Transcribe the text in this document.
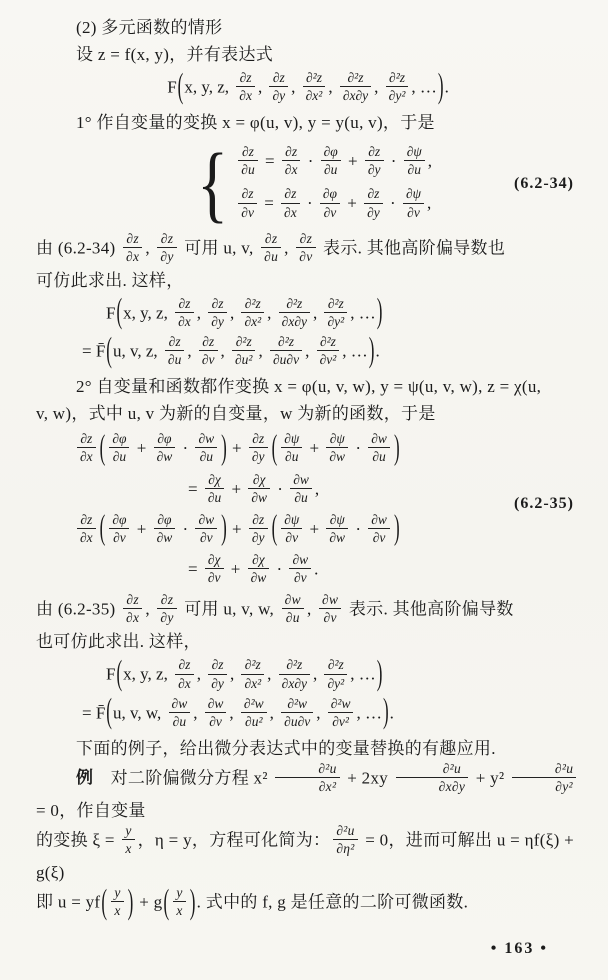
(2) 多元函数的情形

设 z = f(x, y)，并有表达式

F(x, y, z, $\frac{\partial z}{\partial x}$ , $\frac{\partial z}{\partial y}$ , $\frac{\text{∂²z}}{\text{∂x²}}$ , $\frac{\text{∂²z}}{\partial x\partial y}$ , $\frac{\text{∂²z}}{\text{∂y²}}$ , …).

1° 作自变量的变换 x = φ(u, v), y = y(u, v)，于是

{ $\frac{\partial z}{\partial u} = \frac{\partial z}{\partial x} \cdot \frac{\partial\varphi}{\partial u} + \frac{\partial z}{\partial y} \cdot \frac{\partial\psi}{\partial u}$ ,
$\frac{\partial z}{\partial v} = \frac{\partial z}{\partial x} \cdot \frac{\partial\varphi}{\partial v} + \frac{\partial z}{\partial y} \cdot \frac{\partial\psi}{\partial v}$ ,
(6.2-34)

由 $(6.2-34) \frac{\partial z}{\partial x}$ , $\frac{\partial z}{\partial y}$ 可用 u, v, $\frac{\partial z}{\partial u}$ , $\frac{\partial z}{\partial v}$ 表示. 其他高阶偏导数也

可仿此求出. 这样，

F(x, y, z, $\frac{\partial z}{\partial x}$ , $\frac{\partial z}{\partial y}$ , $\frac{\text{∂²z}}{\text{∂x²}}$ , $\frac{\text{∂²z}}{\partial x\partial y}$ , $\frac{\text{∂²z}}{\text{∂y²}}$ , …)
= F̄(u, v, z, $\frac{\partial z}{\partial u}$ , $\frac{\partial z}{\partial v}$ , $\frac{\text{∂²z}}{\text{∂u²}}$ , $\frac{\text{∂²z}}{\partial u\partial v}$ , $\frac{\text{∂²z}}{\text{∂v²}}$ , …).

2° 自变量和函数都作变换 x = φ(u, v, w), y = ψ(u, v, w), z = χ(u,

v, w)，式中 u, v 为新的自变量，w 为新的函数，于是

$\frac{\partial z}{\partial x}$ ( $\frac{\partial\varphi}{\partial u} + \frac{\partial\varphi}{\partial w} \cdot \frac{\partial w}{\partial u}$ ) + $\frac{\partial z}{\partial y}$ ( $\frac{\partial\psi}{\partial u} + \frac{\partial\psi}{\partial w} \cdot \frac{\partial w}{\partial u}$ )
= $\frac{\partial\chi}{\partial u} + \frac{\partial\chi}{\partial w} \cdot \frac{\partial w}{\partial u}$ ,
$\frac{\partial z}{\partial x}$ ( $\frac{\partial\varphi}{\partial v} + \frac{\partial\varphi}{\partial w} \cdot \frac{\partial w}{\partial v}$ ) + $\frac{\partial z}{\partial y}$ ( $\frac{\partial\psi}{\partial v} + \frac{\partial\psi}{\partial w} \cdot \frac{\partial w}{\partial v}$ )
= $\frac{\partial\chi}{\partial v} + \frac{\partial\chi}{\partial w} \cdot \frac{\partial w}{\partial v}$ .
(6.2-35)

由 $(6.2-35) \frac{\partial z}{\partial x}$ , $\frac{\partial z}{\partial y}$ 可用 u, v, w, $\frac{\partial w}{\partial u}$ , $\frac{\partial w}{\partial v}$ 表示. 其他高阶偏导数

也可仿此求出. 这样，

F(x, y, z, $\frac{\partial z}{\partial x}$ , $\frac{\partial z}{\partial y}$ , $\frac{\text{∂²z}}{\text{∂x²}}$ , $\frac{\text{∂²z}}{\partial x\partial y}$ , $\frac{\text{∂²z}}{\text{∂y²}}$ , …)
= F̄(u, v, w, $\frac{\partial w}{\partial u}$ , $\frac{\partial w}{\partial v}$ , $\frac{\text{∂²w}}{\text{∂u²}}$ , $\frac{\text{∂²w}}{\partial u\partial v}$ , $\frac{\text{∂²w}}{\text{∂v²}}$ , …).

下面的例子，给出微分表达式中的变量替换的有趣应用.

例　对二阶偏微分方程 $x^2 \frac{\text{∂²u}}{\text{∂x²}} + 2xy \frac{\text{∂²u}}{\partial x\partial y} + y^2 \frac{\text{∂²u}}{\text{∂y²}} = 0$，作自变量

的变换 $\xi = \frac{y}{x}$ ，η = y，方程可化简为： $\frac{\text{∂²u}}{\text{∂η²}} = 0$，进而可解出 u = ηf(ξ) + g(ξ)

即 $u = yf( \frac{y}{x}$ ) + $g( \frac{y}{x}$ ). 式中的 f, g 是任意的二阶可微函数.

• 163 •
